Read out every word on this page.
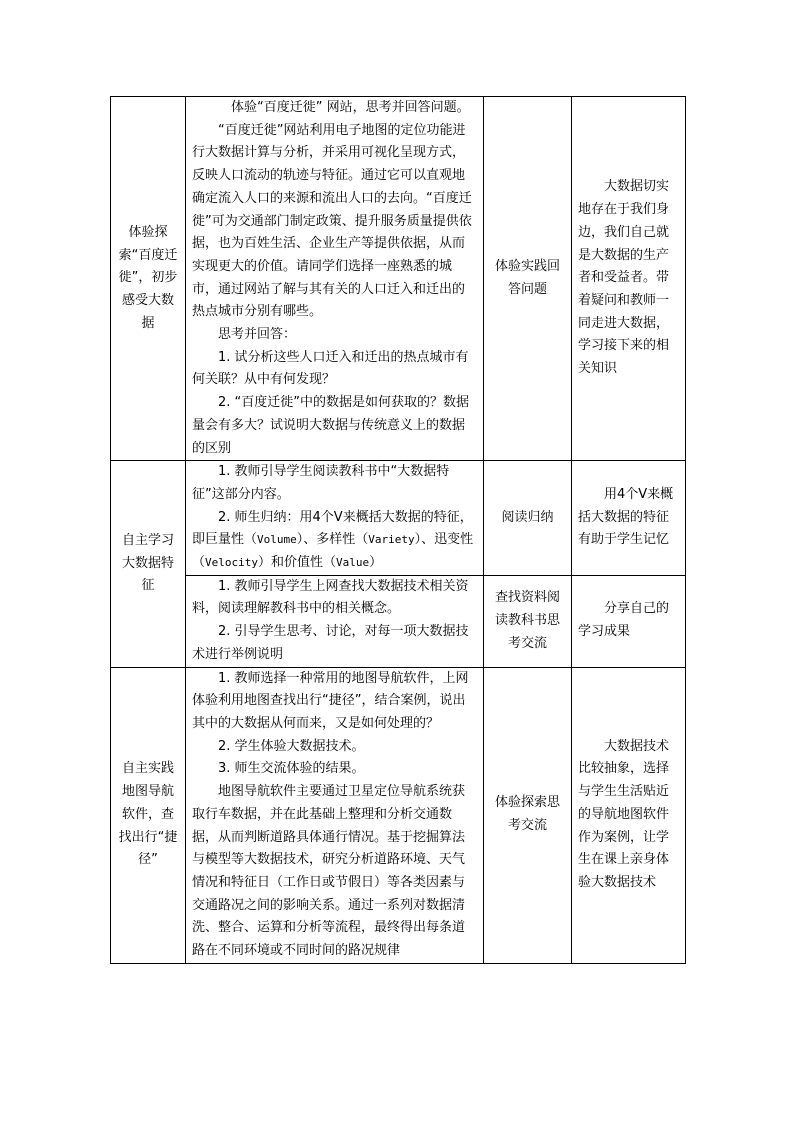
体验探索“百度迁徙”，初步感受大数据	体验“百度迁徙” 网站，思考并回答问题。

“百度迁徙”网站利用电子地图的定位功能进行大数据计算与分析，并采用可视化呈现方式，反映人口流动的轨迹与特征。通过它可以直观地确定流入人口的来源和流出人口的去向。“百度迁徙”可为交通部门制定政策、提升服务质量提供依据，也为百姓生活、企业生产等提供依据，从而实现更大的价值。请同学们选择一座熟悉的城市，通过网站了解与其有关的人口迁入和迁出的热点城市分别有哪些。

思考并回答：

1. 试分析这些人口迁入和迁出的热点城市有何关联？从中有何发现？

2. “百度迁徙”中的数据是如何获取的？数据量会有多大？试说明大数据与传统意义上的数据的区别	体验实践回答问题	大数据切实地存在于我们身边，我们自己就是大数据的生产者和受益者。带着疑问和教师一同走进大数据，学习接下来的相关知识
自主学习大数据特征	1. 教师引导学生阅读教科书中“大数据特征”这部分内容。

2. 师生归纳：用4个V来概括大数据的特征，即巨量性（Volume）、多样性（Variety）、迅变性（Velocity）和价值性（Value）	阅读归纳	用4个V来概括大数据的特征有助于学生记忆

	1. 教师引导学生上网查找大数据技术相关资料，阅读理解教科书中的相关概念。

2. 引导学生思考、讨论，对每一项大数据技术进行举例说明	查找资料阅读教科书思考交流	分享自己的学习成果
自主实践地图导航软件，查找出行“捷径”	1. 教师选择一种常用的地图导航软件，上网体验利用地图查找出行“捷径”，结合案例，说出其中的大数据从何而来，又是如何处理的？

2. 学生体验大数据技术。

3. 师生交流体验的结果。

地图导航软件主要通过卫星定位导航系统获取行车数据，并在此基础上整理和分析交通数据，从而判断道路具体通行情况。基于挖掘算法与模型等大数据技术，研究分析道路环境、天气情况和特征日（工作日或节假日）等各类因素与交通路况之间的影响关系。通过一系列对数据清洗、整合、运算和分析等流程，最终得出每条道路在不同环境或不同时间的路况规律	体验探索思考交流	大数据技术比较抽象，选择与学生生活贴近的导航地图软件作为案例，让学生在课上亲身体验大数据技术
